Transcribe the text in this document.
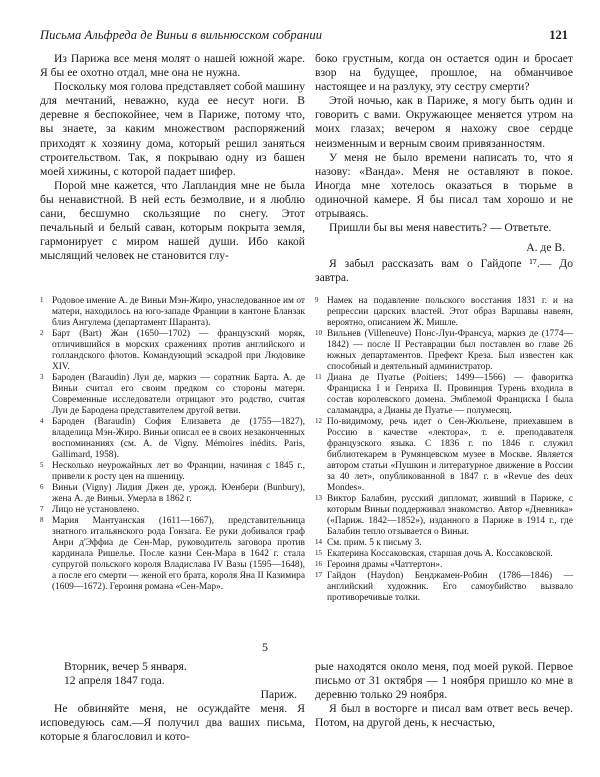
Письма Альфреда де Виньи в вильнюсском собрании	121

Из Парижа все меня молят о нашей южной жаре. Я бы ее охотно отдал, мне она не нужна.

Поскольку моя голова представляет собой машину для мечтаний, неважно, куда ее несут ноги. В деревне я беспокойнее, чем в Париже, потому что, вы знаете, за каким множеством распоряжений приходят к хозяину дома, который решил заняться строительством. Так, я покрываю одну из башен моей хижины, с которой падает шифер.

Порой мне кажется, что Лапландия мне не была бы ненавистной. В ней есть безмолвие, и я люблю сани, бесшумно скользящие по снегу. Этот печальный и белый саван, которым покрыта земля, гармонирует с миром нашей души. Ибо какой мыслящий человек не становится глу-

боко грустным, когда он остается один и бросает взор на будущее, прошлое, на обманчивое настоящее и на разлуку, эту сестру смерти?

Этой ночью, как в Париже, я могу быть один и говорить с вами. Окружающее меняется утром на моих глазах; вечером я нахожу свое сердце неизменным и верным своим привязанностям.

У меня не было времени написать то, что я назову: «Ванда». Меня не оставляют в покое. Иногда мне хотелось оказаться в тюрьме в одиночной камере. Я бы писал там хорошо и не отрываясь.

Пришли бы вы меня навестить? — Ответьте.

А. де В.

Я забыл рассказать вам о Гайдопе ¹⁷.— До завтра.

1 Родовое имение А. де Виньи Мэн-Жиро, унаследованное им от матери, находилось на юго-западе Франции в кантоне Бланзак близ Ангулема (департамент Шаранта).

2 Барт (Bart) Жан (1650—1702) — французский моряк, отличившийся в морских сражениях против английского и голландского флотов. Командующий эскадрой при Людовике XIV.

3 Бароден (Baraudin) Луи де, маркиз — соратник Барта. А. де Виньи считал его своим предком со стороны матери. Современные исследователи отрицают это родство, считая Луи де Бародена представителем другой ветви.

4 Бароден (Baraudin) София Елизавета де (1755—1827), владелица Мэн-Жиро. Виньи описал ее в своих незаконченных воспоминаниях (см. A. de Vigny. Mémoires inédits. Paris, Gallimard, 1958).

5 Несколько неурожайных лет во Франции, начиная с 1845 г., привели к росту цен на пшеницу.

6 Виньи (Vigny) Лидия Джен де, урожд. Юенбери (Bunbury), жена А. де Виньи. Умерла в 1862 г.

7 Лицо не установлено.

8 Мария Мантуанская (1611—1667), представительница знатного итальянского рода Гонзага. Ее руки добивался граф Анри д'Эффиа де Сен-Мар, руководитель заговора против кардинала Ришелье. После казни Сен-Мара в 1642 г. стала супругой польского короля Владислава IV Вазы (1595—1648), а после его смерти — женой его брата, короля Яна II Казимира (1609—1672). Героиня романа «Сен-Мар».

9 Намек на подавление польского восстания 1831 г. и на репрессии царских властей. Этот образ Варшавы навеян, вероятно, описанием Ж. Мишле.

10 Вильнев (Villeneuve) Понс-Луи-Франсуа, маркиз де (1774—1842) — после II Реставрации был поставлен во главе 26 южных департаментов. Префект Креза. Был известен как способный и деятельный администратор.

11 Диана де Пуатье (Poitiers; 1499—1566) — фаворитка Франциска I и Генриха II. Провинция Турень входила в состав королевского домена. Эмблемой Франциска I была саламандра, а Дианы де Пуатье — полумесяц.

12 По-видимому, речь идет о Сен-Жюльене, приехавшем в Россию в качестве «лектора», т. е. преподавателя французского языка. С 1836 г. по 1846 г. служил библиотекарем в Румянцевском музее в Москве. Является автором статьи «Пушкин и литературное движение в России за 40 лет», опубликованной в 1847 г. в «Revue des deux Mondes».

13 Виктор Балабин, русский дипломат, живший в Париже, с которым Виньи поддерживал знакомство. Автор «Дневника» («Париж. 1842—1852»), изданного в Париже в 1914 г., где Балабин тепло отзывается о Виньи.

14 См. прим. 5 к письму 3.

15 Екатерина Коссаковская, старшая дочь А. Коссаковской.

16 Героиня драмы «Чаттертон».

17 Гайдон (Haydon) Бенджамен-Робин (1786—1846) — английский художник. Его самоубийство вызвало противоречивые толки.

5

Вторник, вечер 5 января.

12 апреля 1847 года.

Париж.

Не обвиняйте меня, не осуждайте меня. Я исповедуюсь сам.—Я получил два ваших письма, которые я благословил и кото-

рые находятся около меня, под моей рукой. Первое письмо от 31 октября — 1 ноября пришло ко мне в деревню только 29 ноября.

Я был в восторге и писал вам ответ весь вечер. Потом, на другой день, к несчастью,
